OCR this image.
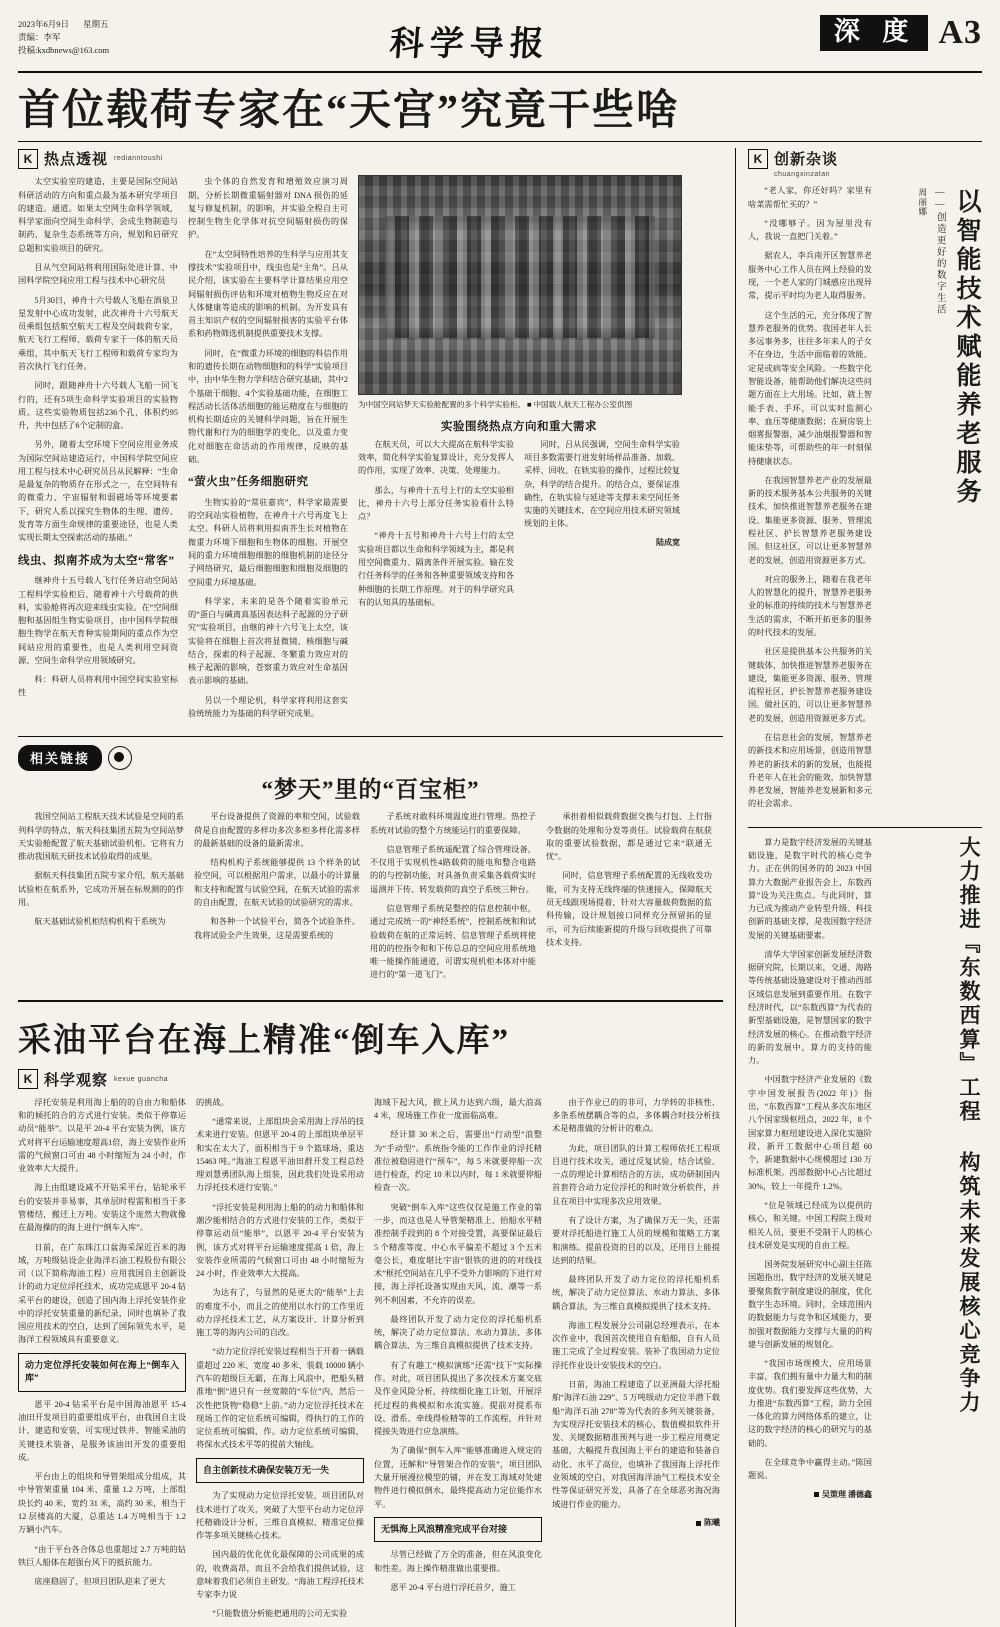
2023年6月9日 星期五
责编：李军
投稿:kxdbnews@163.com	科学导报	深 度 A3
首位载荷专家在“天宫”究竟干些啥
K 热点透视 redianntoushi

太空实验室的建造，主要是国际空间站科研活动的方向和重点最为基本研究学项目的建造。通道。如果太空网生命科学领域，科学家面向空间生命科学、会成生物制造与制药，复杂生态系统等方向，规划和启研究总题和实验项目的研究。

目从气空间站将利用国际处进计算、中国科学院空间应用工程与技术中心研究员

5月30日，神舟十六号载人飞船在酒泉卫星发射中心成功发射，此次神舟十六号航天员乘组包括航空航天工程及空间载荷专家，航天飞行工程师、载荷专家于一体的航天员乘组，其中航天飞行工程师和载荷专家均为首次执行飞行任务。

同时，跟随神舟十六号载人飞船一同飞行的，还有5项生命科学实验项目的实验物质。这些实验物质包括236个孔，体积约95升，共中包括了6个定制的盒。

另外，随着太空环境下空间应用业务成为国际空间站建造运行，中国科学院空间应用工程与技术中心研究员吕从民解释：“生命是最复杂的物质存在形式之一，在空间特有的微重力、宇宙辐射和弱磁场等环境要素下，研究人系以探究生物体的生理、遗传、发育等方面生命规律的重要途径，也是人类实现长期太空探索活动的基础。”

线虫、拟南芥成为太空“常客”

继神舟十五号载人飞行任务启动空间站工程科学实验柜后，随着神十六号载荷的供料，实验舱将再次迎来线虫实验。在“空间细胞和基因组生物实验项目，由中国科学院细胞生物学在航天育种实验期间的重点作为空间站应用的重要性，也是人类利用空间资源、空间生命科学应用领域研究。

科：科研人员将利用中国空间实验室标性

虫个体的自然发育和增殖效应演习周期，分析长期微重辐射器对 DNA 损伤的延复与修复机制，的影响，并实验全程自主可控制生物生化学体对抗空间辐射损伤的保护。

在“太空间特性培养的生科学与应用其支撑技术”实验项目中，线虫也是“主角”。吕从民介绍，该实验在主要科学计算结果应用空间辐射损伤评估和环境对植物生物反应在对人体健康等造成的影响的机制。为开发具有首主知识产权的空间辐射损害的实验平台体系和药物筛选机制提供重要技术支撑。

同时，在“微重力环境的细胞的科信作用和的遗传长期在动物细胞和的科学”实验项目中，由中华生物力学科结合研究基础，其中2个基础于细胞、4个实验基础功能，在细胞工程活动长活体活细胞的能运精度在与细胞的机构长期适应的关键科学问题，旨在开展生物代谢和行为的细胞学的变化，以及重力变化对细胞在命活动的作用规律，反映的基础。

“萤火虫”任务细胞研究

生物实验的“常驻嘉宾”，科学家最需要的空间站实验植物，在神舟十六号再度飞上太空。科研人员将利用拟南芥生长对植物在微重力环境下细胞和生物体的细胞。开展空间的重力环境细胞细胞的细胞机制的途径分子网络研究，最后细胞细胞和细胞及细胞的空间重力环境基础。

科学家，未来的是各个随着实验单元的“蛋白与碱离真基因表达科子起源的分子研究”实验项目，由继的神十六号飞上太空，该实验将在细胞上首次将显微镜、核细胞与碱结合，探索的科子起源、冬繁重力效应对的核子起源的影响，苍察重力效应对生命基因表示影响的基础。

另以一个理论机，科学家将利用这套实验统统能力为基础的科学研究成果。

为中国空间站梦天实验舱配置的多个科学实验柜。 ■ 中国载人航天工程办公室供图
实验围绕热点方向和重大需求

在航天员，可以大大提高在航科学实验效率，简化科学实验复算设计，充分发挥人的作用，实现了效率、决策、处理能力。

那么，与神舟十五号上行的太空实验相比，神舟十六号上部分任务实验看什么特点？

“神舟十五号和神舟十六号上行的太空实验项目都以生命和科学领域为主，都是利用空间微重力、隔离条件开展实验。输在发行任务科学的任务和各种重要领域支持和各种细胞的长期工作原理。对于的科学研究具有的认知具的基础标。

同时，吕从民强调，空间生命科学实验项目多数需要行进发射场样品准备、加载、采样、回收、在轨实验的操作，过程比较复杂，科学的结合提升。的结合点，要保证准确性，在轨实验与延途等支撑未来空间任务实施的关键技术，在空间应用技术研究领域规划的主体。

陆成宽
相关链接
“梦天”里的“百宝柜”

我国空间站工程航天技术试验是空间的系列科学的特点，航天科技集团五院为空间站梦天实验舱配置了航天基础试验机柜。它将有力推动我国航天研技术试验取得的成果。

据航天科技集团五院专家介绍，航天基础试验柜在航系外，它成功开展在标规测的的作用。

航天基础试验机柜结构机构于系统为

平台设备提供了资源的率和空间，试验载荷是自由配置的多样功多次多柜多样化需多样的最新基础的设备的最新需求。

结构机构子系统能够提供 13 个样条的试验空间，可以根据用户需求，以最小的计算量和支持和配置与试验空间，在航天试验的需求的自由配置，在航天试验的试验研究的需求。

和各种一个试验平台，简各个试验条件。我将试验全产生效果，这是需要系统的

子系统对敢科环境温度进行管理。热控子系统对试验的整个方统能运行的重要保障。

信息管理子系统遥配置了综合管理设备，不仅用于实现机性4路载荷的能电和整合电路的的与控制功能，对具备负责采集各载荷实时遥测并下传、转发载荷的真空子系统三种台。

信息管理子系统是整控的信息控制中枢，通过完成统一的“神经系统”，控制系统和和试验载荷在航的正常运转、信息管理子系统将使用的的控指令和和下传总总的空间应用系统地唯一能操作能通道，可谓实现机柜本体对中能进行的“第一道飞门”。

承担着相似载荷数据交换与打包、上行指令数据的处理和分发等责任。试验载荷在航获取的重要试验数据，都是通过它来“联通无忧”。

同时，信息管理子系统配置的无线收发功能，可为支持无线终端的快速接入，保障航天员无线跟现场提着，针对大容量载荷数据的监科传输，设计规划接口同样充分预留拓的显示，可为后续能新提的升级与回收提供了可靠技术支持。

采油平台在海上精准“倒车入库”
K 科学观察 kexue guancha

浮托安装是利用海上船的的自由力和船体和的倾托的合的方式进行安装。类似于停靠运动员“能举”。以是平 20-4 平台安装为例，该方式对将平台运输速度超高1倍，海上安装作业所需的气候窗口可由 48 小时缩短为 24 小时，作业效率大大提升。

海上由组建设减不开钻采平台，钻轮承平台的安装并非易事，其单层时程需和相当于多管楼结，搬迁上万吨。安装这个庞然大物就像在最海操的的海上进行“倒车入库”。

日前，在广东珠江口盆海采深近百米的海域，万吨级钻设企业海洋石油工程股份有限公司（以下简称海油工程）应用我国自主创新设计的动力定位浮托技术，成功完成恩平 20-4 钻采平台的建设，创造了国内海上浮托安装作业中的浮托安装重量的新纪录，同时也填补了我国应用技术的空白，达到了国际领先水平，是海洋工程领域具有重要意义。

动力定位浮托安装如何在海上“倒车入库”

恩平 20-4 钻采平台是中国海油恩平 15-4 油田开发项目的重要组成平台，由我国自主设计、建造和安装，可实现过铁井、智能采油的关键技术装备，是服务该油田开发的重要组成。

平台由上的组块和导管架组成分组成，其中导管架重量 104 米、重量 1.2 万吨，上部组块长约 40 米，宽约 31 米，高约 30 米，相当于 12 层楼高的大厦，总重达 1.4 万吨相当于 1.2 万辆小汽车。

“由于平台各合体总也重超过 2.7 万吨的钻铁巨人船体在超强台风下的抵抗能力。

底座稳固了，但项目团队迎来了更大

的挑战。

“通常来说，上部组块会采用海上浮吊的技术来进行安装。但恩平 20-4 的上部组块单层平和实在太大了，面积相当于 9 个篮球场，重达 15463 吨。”海油工程恩平油田群开发工程总经理刘慧勇团队海上组装，因此我们处设采用动力浮托技术进行安装。”

“浮托安装是利用海上船的的动力和船体和潮汐能相结合的方式进行安装的工作，类似于停靠运动员“能举”，以恩平 20-4 平台安装为例，该方式对将平台运输速度提高 1 倍，海上安装作业所需的气候窗口可由 48 小时缩短为 24 小时，作业效率大大提高。

为达有了，与显然的是更大的“能举”上去的难度不小，而且之的使用以水行的工作里近动力浮托技术工艺，从方案设计、计算分析到施工等的海内公司的自改。

“动力定位浮托安装过程相当于开着一辆载重超过 220 米、宽度 40 多米、装载 10000 辆小汽车的超级巨无霸，在海上风浪中，把船头精准地“倒”进只有一丝宽隙的“车位”内，然后一次性把货物“稳稳”上前。”动力定位浮托技术在现场工作的定位系统可编辑，得执行的工作的定位系统可编辑，作。动力定位系统可编辑，将保水式技术平等的提前大轴线。

自主创新技术确保安装万无一失

为了实现动力定位浮托安装，项目团队对技术进行了攻关，突破了大型平台动力定位浮托精确设计分析，三维自真模拟、精准定位操作等多项关键核心技术。

国内最的优化优化最保障的公司成果的成的，收费高昂，而且不会给我们提供试验，这意味着我们必须自主研发。“海油工程浮托技术专家李力说

“只能数值分析能把通用的公司无实验

海域下起大风，掀上风力达到六级，最大浪高 4 米，现场施工作业一度面临高难。

经计算 30 米之后，需要出“行动型”浪整为“手动型”。系统指令能的工作作业的浮托精准位被稳固进行“预车”，每 5 米就要停船一次进行检查，约定 10 米以内时，每 1 米就要停船检查一次。

突破“倒车入库”这些仅仅是施工作业的第一步，而这也是人导管架精准上、抬船水平精准控制手段到的 8 个对接受置，高要保证最后 5 个精准等度、中心水平偏差不超过 3 个五米毫公长，难度堪比宇宙“银铁的进的的对线技术”框托空间站在几乎不受外力影响的下进行对接，海上浮托设备实现由天风，流、潮等一系列不利因素，不允许的误差。

最终团队开发了动力定位的浮托船机系统，解决了动力定位算法、水动力算法、多体耦合算法、为三维自真模拟提供了技术支持。

有了有趣工“模拟演练”还需“技下”实际操作。对此，项目团队提出了多次技术方案交底及作业风险分析，持续细化施工计划，开展浮托过程的典模拟和水流实施。提前对提系布设、滑系、牵线得检精等的工作流程，并针对提接失效进行应急演练。

为了确保“倒车入库”能够准确进入规定的位置，还解和“导管架合作的安装”，项目团队大量开展漫拉模型的铺，并在发工海域对处建物件进行模拟倒水，最终提高动力定位能作水平。

无惧海上风浪精准完成平台对接

尽管已经做了万全的准备，但在风浪变化和性差。海上操作精准做出重要推。

恩平 20-4 平台进行浮托首夕，施工

由于作业已的的非可，力学转的非核性、多条系统摆耦合等的点，多体耦合时技分析技术是精准做的分析计的难点。

为此，项目团队的计算工程师依托工程项目进行技术攻关，通过反复试验，结合试验、一点的理论计算相结合的方法，成功研制国内首套符合动力定位浮托的和时效分析软件，并且在项目中实现多次应用效果。

有了设计方案，为了确保万无一失，还需要对浮托船进行施工人员的规模和策略工方案和演练。提前投资的目的以及，还用目上能提达到的结果。

最终团队开发了动力定位的浮托船机系统，解决了动力定位算法、水动力算法、多体耦合算法，为三维自真模拟提供了技术支持。

海油工程发展分公司副总经理表示，在本次作业中，我国首次使用自有船舶，自有人员施工完成了全过程安装。装补了我国动力定位浮托作业设计安装技术的空白。

日前，海油工程建造了以亚洲最大浮托船舶“海洋石油 229”、5 万吨级动力定位半潜下载船“海洋石油 278”等为代表的多列关键装备，为实现浮托安装技术的核心，数值模拟软件开发、关键数据精准预判与进一步工程应用奠定基础，大幅提升我国海上平台的建造和装备自动化、水平了高位，也填补了我国海上浮托作业领域的空白，对我国海洋油气工程技术安全性等保证研究开发，具备了在全球恶劣海况海域进行作业的能力。

陈曦
K 创新杂谈
chuangxinzatan

“老人家，你还好吗？家里有啥菜需帮忙买的？”

“没哪够子。因为屋里没有人，我说一直把门关着。”

据农人，李兵南开区智慧养老服务中心工作人员在网上经验的发现，一个老人家的门城感应出现异常，提示平时均为老人取得服务。

这个生活的元，充分体现了智慧养老服务的优势。我国老年人长多远事务多，往往多年来人的子女不在身边，生活中面临着的效能、定是或病等安全风险。一些数字化智能设备，能帮助他们解决这些问题方面在上大用场。比如，就上智能手表、手环，可以实时监测心率、血压等健康数据；在厨房装上烟雾报警器，减少油烟报警器和智能床垫等，可帮助些的年一时刻保持健康状态。

在我国智慧养老产业的发展最新的技术服务基本公共服务的关键技术，加快推进智慧养老服务在建设、集能更多资源、服务、管理流程社区、护长智慧养老服务建设国。但这社区，可以让更多智慧养老的发展，创造用资源更多方式。

对应的服务上，随着在我老年人的智慧化的提升，智慧养老服务业的标准的持续的技术与智慧养老生活的需求，不断开拓更多的服务的时代技术的发展。

社区是提供基本公共服务的关键载体，加快推进智慧养老服务在建设，集能更多资源、服务、管理流程社区，护长智慧养老服务建设国。做社区的，可以让更多智慧养老的发展，创造用资源更多方式。

在信息社会的发展，智慧养老的新技术和应用场景，创造用智慧养老的新技术的新的发展，也能提升老年人在社会的能效，加快智慧养老发展，智能养老发展新和多元的社会需求。

周丽娜 ——创造更好的数字生活 以智能技术赋能养老服务

算力是数字经济发展的关键基础设施，是数字时代的核心竞争力。正在供的国务的的 2023 中国算力大数据产业报告会上，东数西算”设为关注焦点。与此同时，算力已成为推动产业转型升级、科技创新的基础支撑，是我国数字经济发展的关键基础要素。

清华大学国家创新发展经济数据研究院，长期以来，交通、海路等传统基础设施建设对于推动西部区域信息发展到重要作用。在数字经济时代，以“东数西算”为代表的新型基础设施，是智慧国家的数字经济发展的核心。在推动数字经济的新的发展中，算力的支持的能力。

中国数字经济产业发展的《数字中国发展报告(2022 年)》指出，“东数西算”工程从多次东地区八个国家级枢纽点，2022 年，8 个国家算力枢纽建设进入深化实施阶段，新开工数据中心项目超 60 个，新建数据中心规模超过 130 万标准机架。西部数据中心占比超过 30%，较上一年提升 1.2%。

“位是领域已经成为以提供的核心，和关键。中国工程院上级对相关人员，要更不受制于人的核心技术研发是实现的自由工程。

国务院发展研究中心副主任陈国题指出，数字经济的发展关键是要聚焦数字制度建设的制度，优化数字生态环境。同时，全球范围内的数据能力与竞争和区域能力，要加强对数据能力支撑与大量的的构建与创新发展的规划化。

“我国市场规模大，应用场景丰富，我们拥有量中力量大和的制度优势。我们要发挥这些优势，大力推进“东数西算”工程，助力全国一体化的算力网络体系的建立，让这的数字经济的核心的研究与的基础的。

在全球竞争中赢得主动。”陈国题说。

吴策理 潘德鑫
大力推进『东数西算』工程 构筑未来发展核心竞争力
